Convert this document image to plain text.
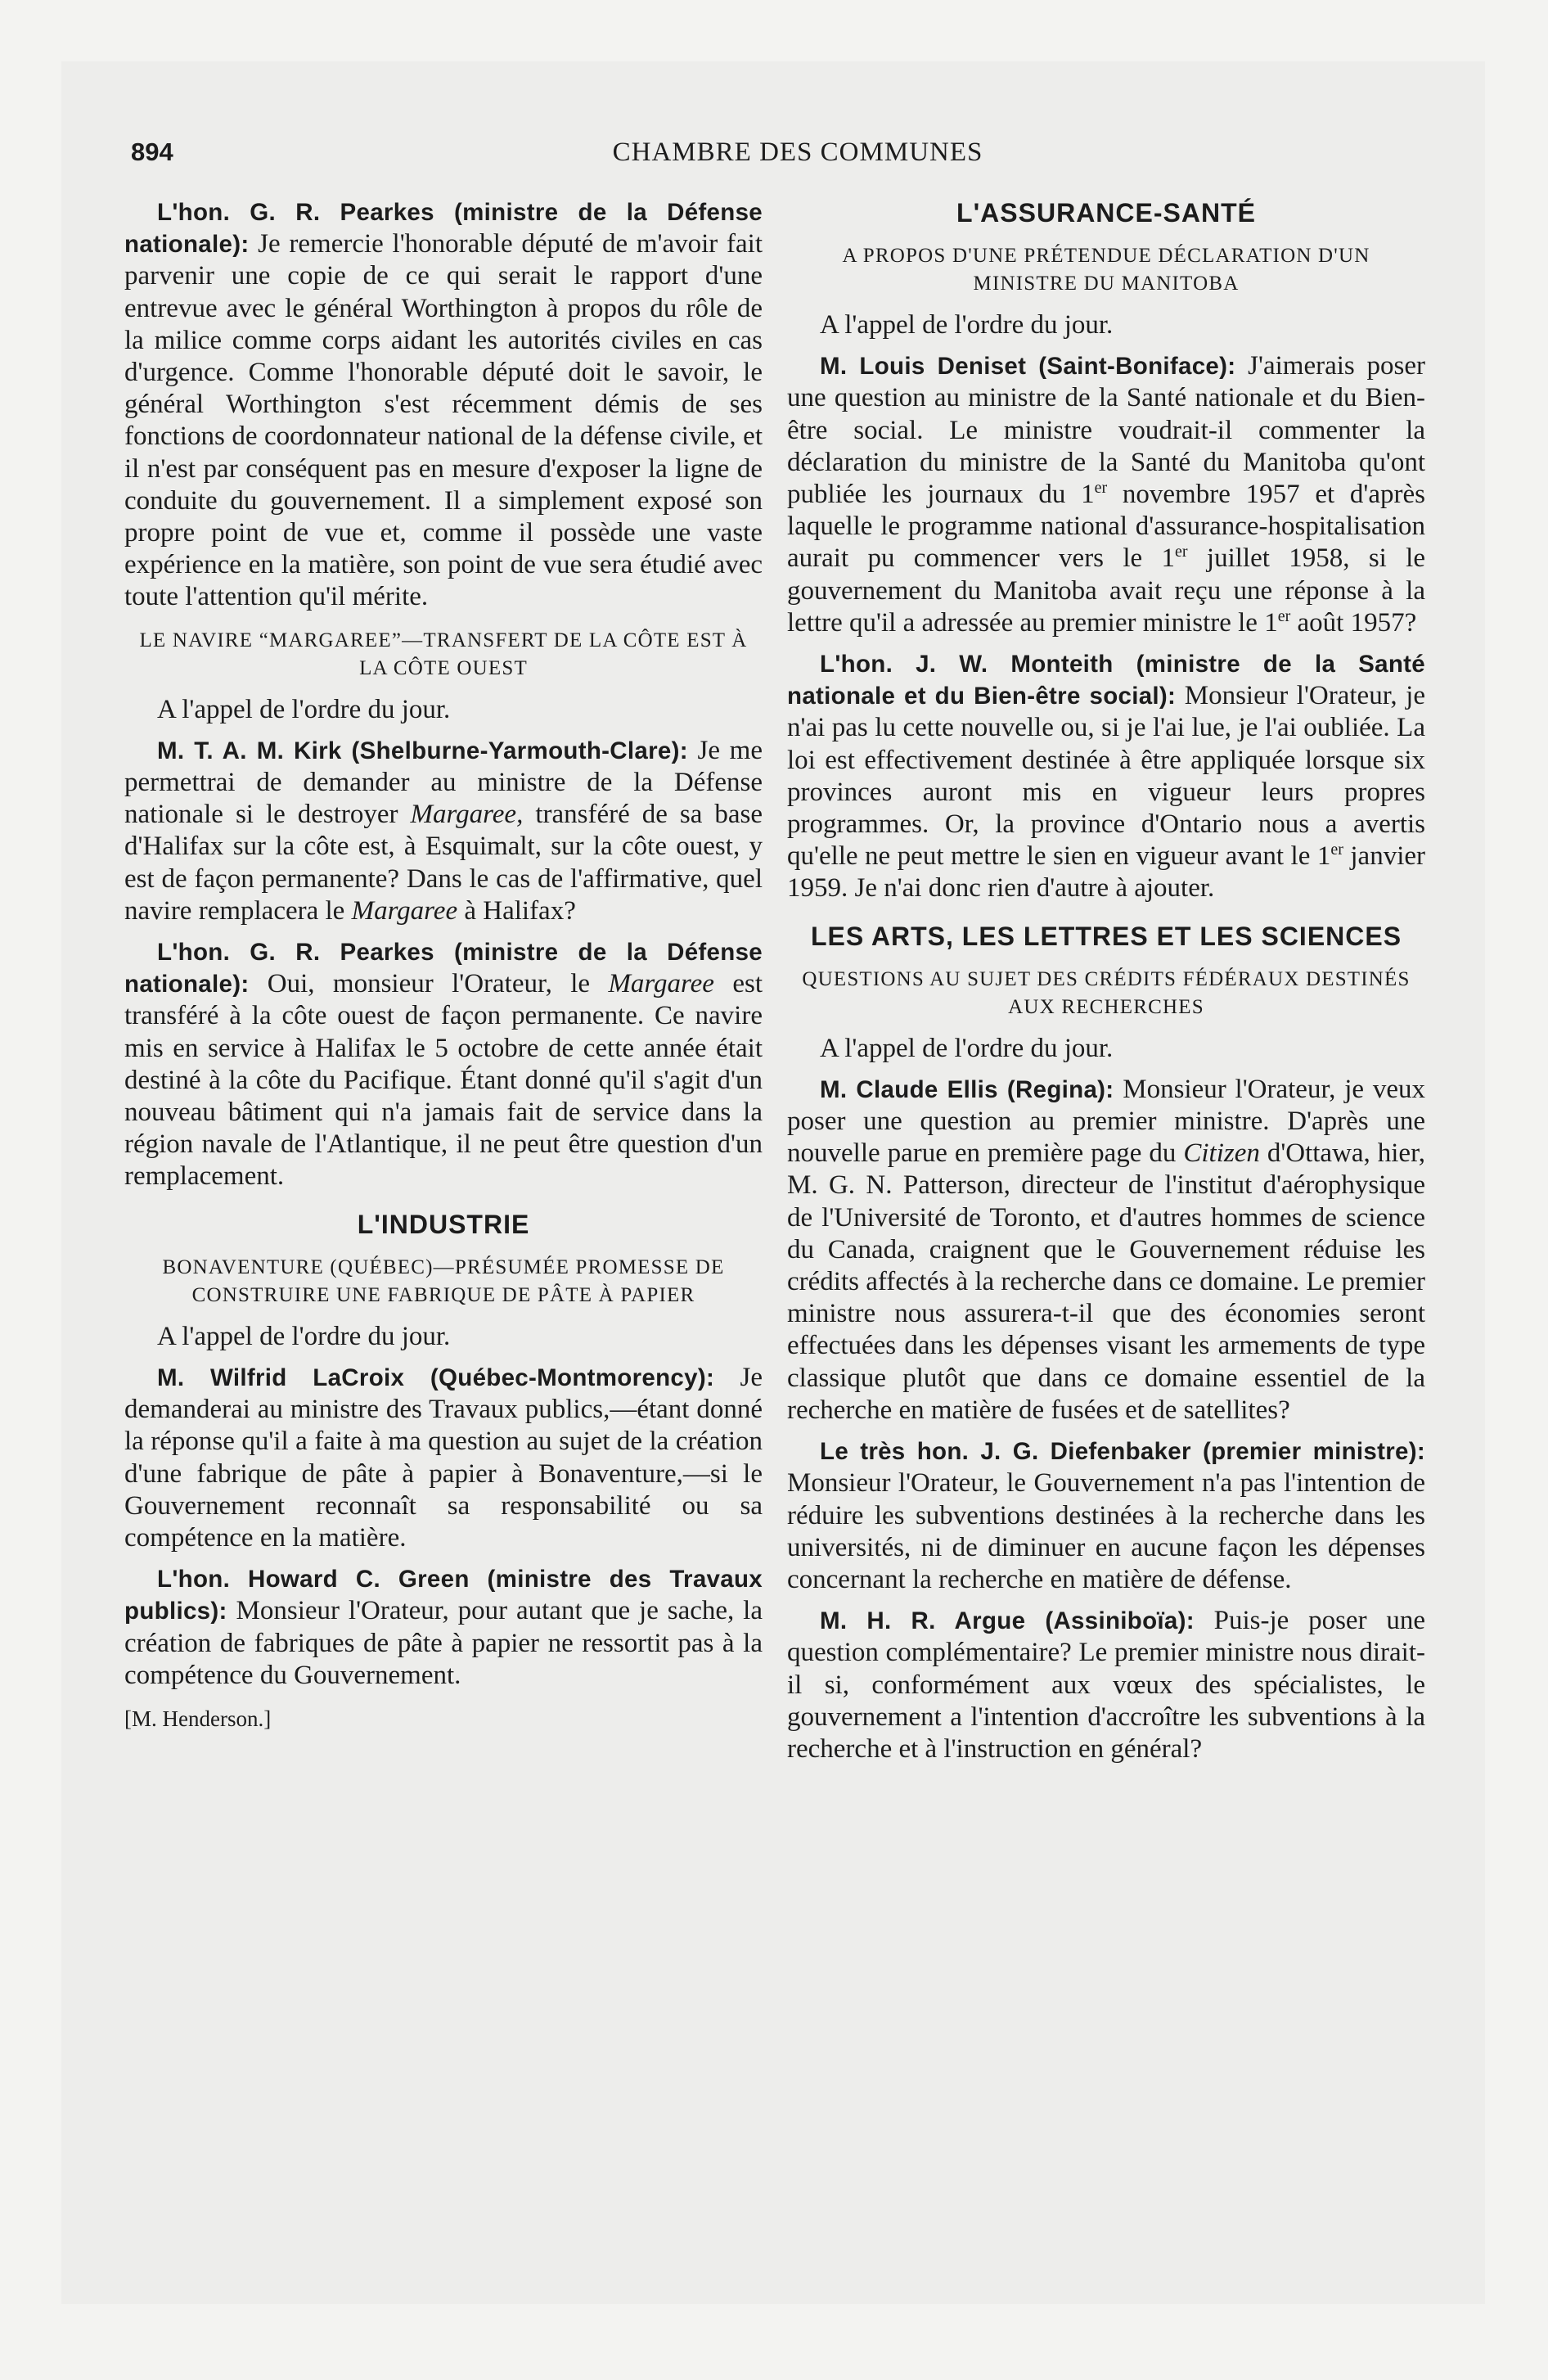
894	CHAMBRE DES COMMUNES

L'hon. G. R. Pearkes (ministre de la Défense nationale): Je remercie l'honorable député de m'avoir fait parvenir une copie de ce qui serait le rapport d'une entrevue avec le général Worthington à propos du rôle de la milice comme corps aidant les autorités civiles en cas d'urgence. Comme l'honorable député doit le savoir, le général Worthington s'est récemment démis de ses fonctions de coordonnateur national de la défense civile, et il n'est par conséquent pas en mesure d'exposer la ligne de conduite du gouvernement. Il a simplement exposé son propre point de vue et, comme il possède une vaste expérience en la matière, son point de vue sera étudié avec toute l'attention qu'il mérite.

LE NAVIRE “MARGAREE”—TRANSFERT DE LA CÔTE EST À LA CÔTE OUEST

A l'appel de l'ordre du jour.

M. T. A. M. Kirk (Shelburne-Yarmouth-Clare): Je me permettrai de demander au ministre de la Défense nationale si le destroyer Margaree, transféré de sa base d'Halifax sur la côte est, à Esquimalt, sur la côte ouest, y est de façon permanente? Dans le cas de l'affirmative, quel navire remplacera le Margaree à Halifax?

L'hon. G. R. Pearkes (ministre de la Défense nationale): Oui, monsieur l'Orateur, le Margaree est transféré à la côte ouest de façon permanente. Ce navire mis en service à Halifax le 5 octobre de cette année était destiné à la côte du Pacifique. Étant donné qu'il s'agit d'un nouveau bâtiment qui n'a jamais fait de service dans la région navale de l'Atlantique, il ne peut être question d'un remplacement.

L'INDUSTRIE
BONAVENTURE (QUÉBEC)—PRÉSUMÉE PROMESSE DE CONSTRUIRE UNE FABRIQUE DE PÂTE À PAPIER

A l'appel de l'ordre du jour.

M. Wilfrid LaCroix (Québec-Montmorency): Je demanderai au ministre des Travaux publics,—étant donné la réponse qu'il a faite à ma question au sujet de la création d'une fabrique de pâte à papier à Bonaventure,—si le Gouvernement reconnaît sa responsabilité ou sa compétence en la matière.

L'hon. Howard C. Green (ministre des Travaux publics): Monsieur l'Orateur, pour autant que je sache, la création de fabriques de pâte à papier ne ressortit pas à la compétence du Gouvernement.

[M. Henderson.]
L'ASSURANCE-SANTÉ
A PROPOS D'UNE PRÉTENDUE DÉCLARATION D'UN MINISTRE DU MANITOBA

A l'appel de l'ordre du jour.

M. Louis Deniset (Saint-Boniface): J'aimerais poser une question au ministre de la Santé nationale et du Bien-être social. Le ministre voudrait-il commenter la déclaration du ministre de la Santé du Manitoba qu'ont publiée les journaux du 1er novembre 1957 et d'après laquelle le programme national d'assurance-hospitalisation aurait pu commencer vers le 1er juillet 1958, si le gouvernement du Manitoba avait reçu une réponse à la lettre qu'il a adressée au premier ministre le 1er août 1957?

L'hon. J. W. Monteith (ministre de la Santé nationale et du Bien-être social): Monsieur l'Orateur, je n'ai pas lu cette nouvelle ou, si je l'ai lue, je l'ai oubliée. La loi est effectivement destinée à être appliquée lorsque six provinces auront mis en vigueur leurs propres programmes. Or, la province d'Ontario nous a avertis qu'elle ne peut mettre le sien en vigueur avant le 1er janvier 1959. Je n'ai donc rien d'autre à ajouter.

LES ARTS, LES LETTRES ET LES SCIENCES
QUESTIONS AU SUJET DES CRÉDITS FÉDÉRAUX DESTINÉS AUX RECHERCHES

A l'appel de l'ordre du jour.

M. Claude Ellis (Regina): Monsieur l'Orateur, je veux poser une question au premier ministre. D'après une nouvelle parue en première page du Citizen d'Ottawa, hier, M. G. N. Patterson, directeur de l'institut d'aérophysique de l'Université de Toronto, et d'autres hommes de science du Canada, craignent que le Gouvernement réduise les crédits affectés à la recherche dans ce domaine. Le premier ministre nous assurera-t-il que des économies seront effectuées dans les dépenses visant les armements de type classique plutôt que dans ce domaine essentiel de la recherche en matière de fusées et de satellites?

Le très hon. J. G. Diefenbaker (premier ministre): Monsieur l'Orateur, le Gouvernement n'a pas l'intention de réduire les subventions destinées à la recherche dans les universités, ni de diminuer en aucune façon les dépenses concernant la recherche en matière de défense.

M. H. R. Argue (Assiniboïa): Puis-je poser une question complémentaire? Le premier ministre nous dirait-il si, conformément aux vœux des spécialistes, le gouvernement a l'intention d'accroître les subventions à la recherche et à l'instruction en général?
